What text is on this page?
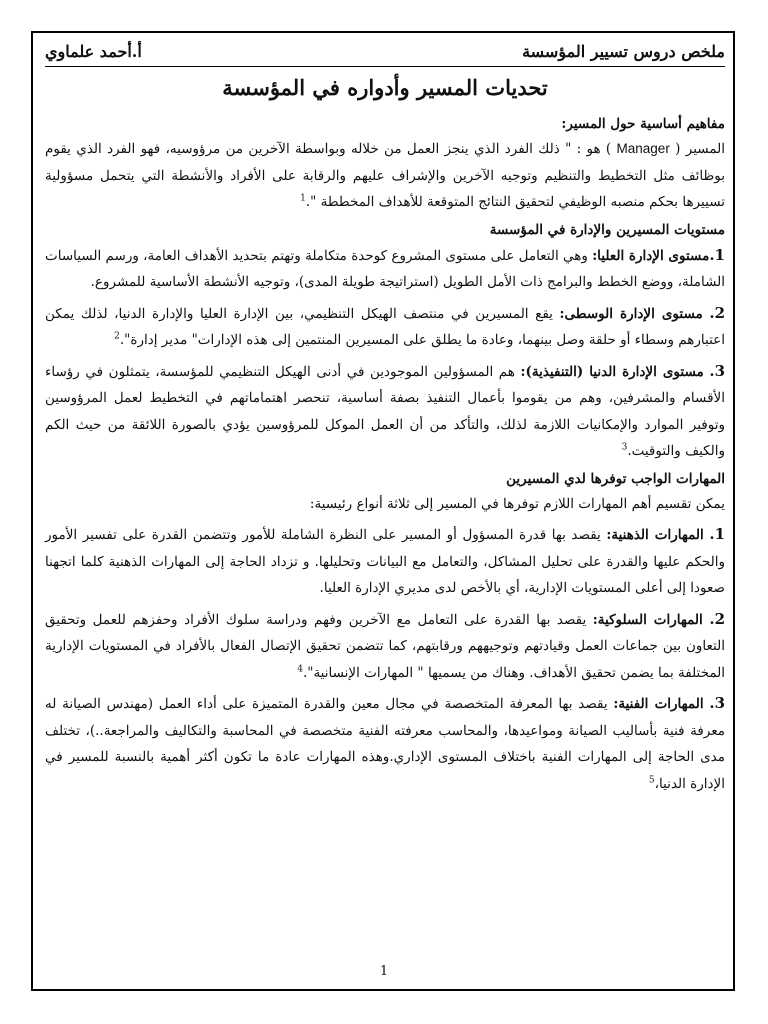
ملخص دروس تسيير المؤسسة
أ.أحمد علماوي
تحديات المسير وأدواره في المؤسسة
مفاهيم أساسية حول المسير:

المسير ( Manager ) هو : " ذلك الفرد الذي ينجز العمل من خلاله وبواسطة الآخرين من مرؤوسيه، فهو الفرد الذي يقوم بوظائف مثل التخطيط والتنظيم وتوجيه الآخرين والإشراف عليهم والرقابة على الأفراد والأنشطة التي يتحمل مسؤولية تسييرها بحكم منصبه الوظيفي لتحقيق النتائج المتوقعة للأهداف المخططة ".$^1$

مستويات المسيرين والإدارة في المؤسسة

1.مستوى الإدارة العليا: وهي التعامل على مستوى المشروع كوحدة متكاملة وتهتم بتحديد الأهداف العامة، ورسم السياسات الشاملة، ووضع الخطط والبرامج ذات الأمل الطويل (استراتيجة طويلة المدى)، وتوجيه الأنشطة الأساسية للمشروع.

2. مستوى الإدارة الوسطى: يقع المسيرين في منتصف الهيكل التنظيمي، بين الإدارة العليا والإدارة الدنيا، لذلك يمكن اعتبارهم وسطاء أو حلقة وصل بينهما، وعادة ما يطلق على المسيرين المنتمين إلى هذه الإدارات" مدير إدارة".$^2$

3. مستوى الإدارة الدنيا (التنفيذية): هم المسؤولين الموجودين في أدنى الهيكل التنظيمي للمؤسسة، يتمثلون في رؤساء الأقسام والمشرفين، وهم من يقوموا بأعمال التنفيذ بصفة أساسية، تنحصر اهتماماتهم في التخطيط لعمل المرؤوسين وتوفير الموارد والإمكانيات اللازمة لذلك، والتأكد من أن العمل الموكل للمرؤوسين يؤدي بالصورة اللائقة من حيث الكم والكيف والتوقيت.$^3$

المهارات الواجب توفرها لدي المسيرين

يمكن تقسيم أهم المهارات اللازم توفرها في المسير إلى ثلاثة أنواع رئيسية:

1. المهارات الذهنية: يقصد بها قدرة المسؤول أو المسير على النظرة الشاملة للأمور وتتضمن القدرة على تفسير الأمور والحكم عليها والقدرة على تحليل المشاكل، والتعامل مع البيانات وتحليلها. و تزداد الحاجة إلى المهارات الذهنية كلما اتجهنا صعودا إلى أعلى المستويات الإدارية، أي بالأخص لدى مديري الإدارة العليا.

2. المهارات السلوكية: يقصد بها القدرة على التعامل مع الآخرين وفهم ودراسة سلوك الأفراد وحفزهم للعمل وتحقيق التعاون بين جماعات العمل وقيادتهم وتوجيههم ورقابتهم، كما تتضمن تحقيق الإتصال الفعال بالأفراد في المستويات الإدارية المختلفة بما يضمن تحقيق الأهداف. وهناك من يسميها " المهارات الإنسانية".$^4$

3. المهارات الفنية: يقصد بها المعرفة المتخصصة في مجال معين والقدرة المتميزة على أداء العمل (مهندس الصيانة له معرفة فنية بأساليب الصيانة ومواعيدها، والمحاسب معرفته الفنية متخصصة في المحاسبة والتكاليف والمراجعة..)، تختلف مدى الحاجة إلى المهارات الفنية باختلاف المستوى الإداري.وهذه المهارات عادة ما تكون أكثر أهمية بالنسبة للمسير في الإدارة الدنيا،$^5$

1
